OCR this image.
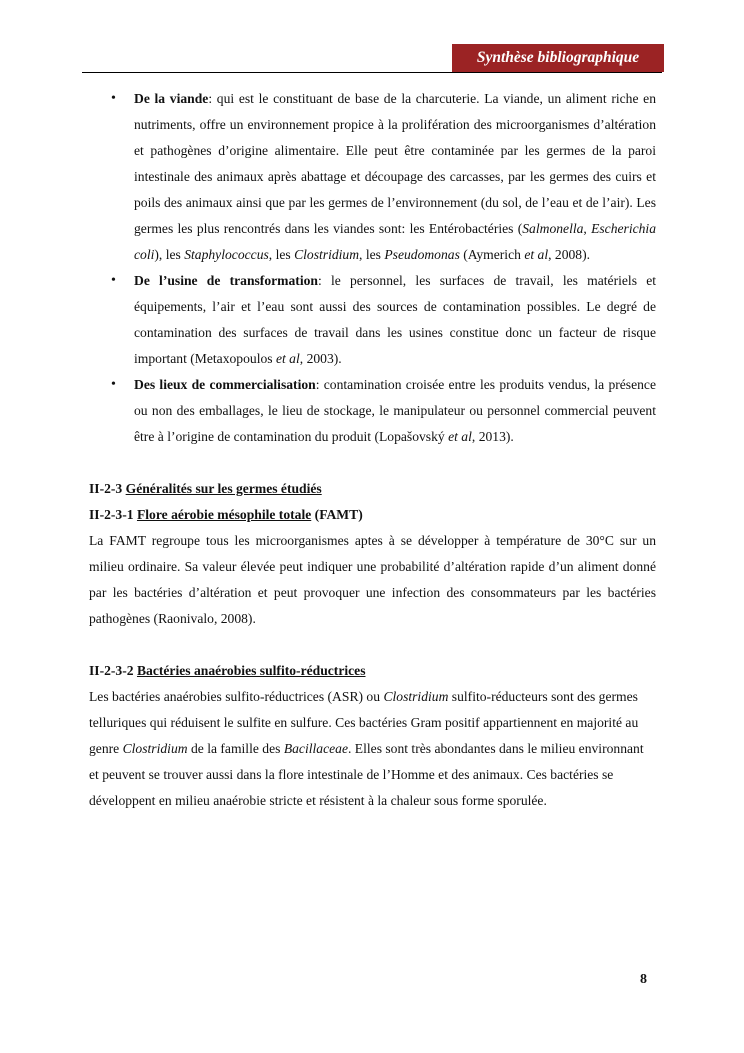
Synthèse bibliographique
• De la viande: qui est le constituant de base de la charcuterie. La viande, un aliment riche en nutriments, offre un environnement propice à la prolifération des microorganismes d’altération et pathogènes d’origine alimentaire. Elle peut être contaminée par les germes de la paroi intestinale des animaux après abattage et découpage des carcasses, par les germes des cuirs et poils des animaux ainsi que par les germes de l’environnement (du sol, de l’eau et de l’air). Les germes les plus rencontrés dans les viandes sont: les Entérobactéries (Salmonella, Escherichia coli), les Staphylococcus, les Clostridium, les Pseudomonas (Aymerich et al, 2008).
• De l’usine de transformation: le personnel, les surfaces de travail, les matériels et équipements, l’air et l’eau sont aussi des sources de contamination possibles. Le degré de contamination des surfaces de travail dans les usines constitue donc un facteur de risque important (Metaxopoulos et al, 2003).
• Des lieux de commercialisation: contamination croisée entre les produits vendus, la présence ou non des emballages, le lieu de stockage, le manipulateur ou personnel commercial peuvent être à l’origine de contamination du produit (Lopašovský et al, 2013).
II-2-3 Généralités sur les germes étudiés
II-2-3-1 Flore aérobie mésophile totale (FAMT)

La FAMT regroupe tous les microorganismes aptes à se développer à température de 30°C sur un milieu ordinaire. Sa valeur élevée peut indiquer une probabilité d’altération rapide d’un aliment donné par les bactéries d’altération et peut provoquer une infection des consommateurs par les bactéries pathogènes (Raonivalo, 2008).

II-2-3-2 Bactéries anaérobies sulfito-réductrices

Les bactéries anaérobies sulfito-réductrices (ASR) ou Clostridium sulfito-réducteurs sont des germes telluriques qui réduisent le sulfite en sulfure. Ces bactéries Gram positif appartiennent en majorité au genre Clostridium de la famille des Bacillaceae. Elles sont très abondantes dans le milieu environnant et peuvent se trouver aussi dans la flore intestinale de l’Homme et des animaux. Ces bactéries se développent en milieu anaérobie stricte et résistent à la chaleur sous forme sporulée.

8
